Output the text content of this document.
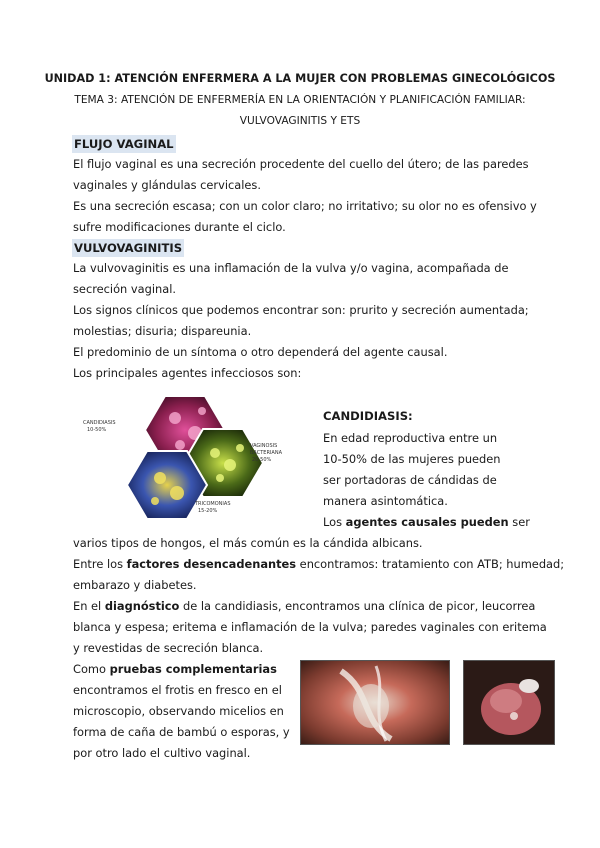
UNIDAD 1: ATENCIÓN ENFERMERA A LA MUJER CON PROBLEMAS GINECOLÓGICOS
TEMA 3: ATENCIÓN DE ENFERMERÍA EN LA ORIENTACIÓN Y PLANIFICACIÓN FAMILIAR:
VULVOVAGINITIS Y ETS
FLUJO VAGINAL
El flujo vaginal es una secreción procedente del cuello del útero; de las paredes
vaginales y glándulas cervicales.
Es una secreción escasa; con un color claro; no irritativo; su olor no es ofensivo y
sufre modificaciones durante el ciclo.
VULVOVAGINITIS
La vulvovaginitis es una inflamación de la vulva y/o vagina, acompañada de
secreción vaginal.
Los signos clínicos que podemos encontrar son: prurito y secreción aumentada;
molestias; disuria; dispareunia.
El predominio de un síntoma o otro dependerá del agente causal.
Los principales agentes infecciosos son:
CANDIDIASIS
10-50%
VAGINOSIS
BACTERIANA
20-50%
TRICOMONIAS
15-20%
CANDIDIASIS:
En edad reproductiva entre un
10-50% de las mujeres pueden
ser portadoras de cándidas de
manera asintomática.
Los agentes causales pueden ser
varios tipos de hongos, el más común es la cándida albicans.
Entre los factores desencadenantes encontramos: tratamiento con ATB; humedad;
embarazo y diabetes.
En el diagnóstico de la candidiasis, encontramos una clínica de picor, leucorrea
blanca y espesa; eritema e inflamación de la vulva; paredes vaginales con eritema
y revestidas de secreción blanca.
Como pruebas complementarias
encontramos el frotis en fresco en el
microscopio, observando micelios en
forma de caña de bambú o esporas, y
por otro lado el cultivo vaginal.
